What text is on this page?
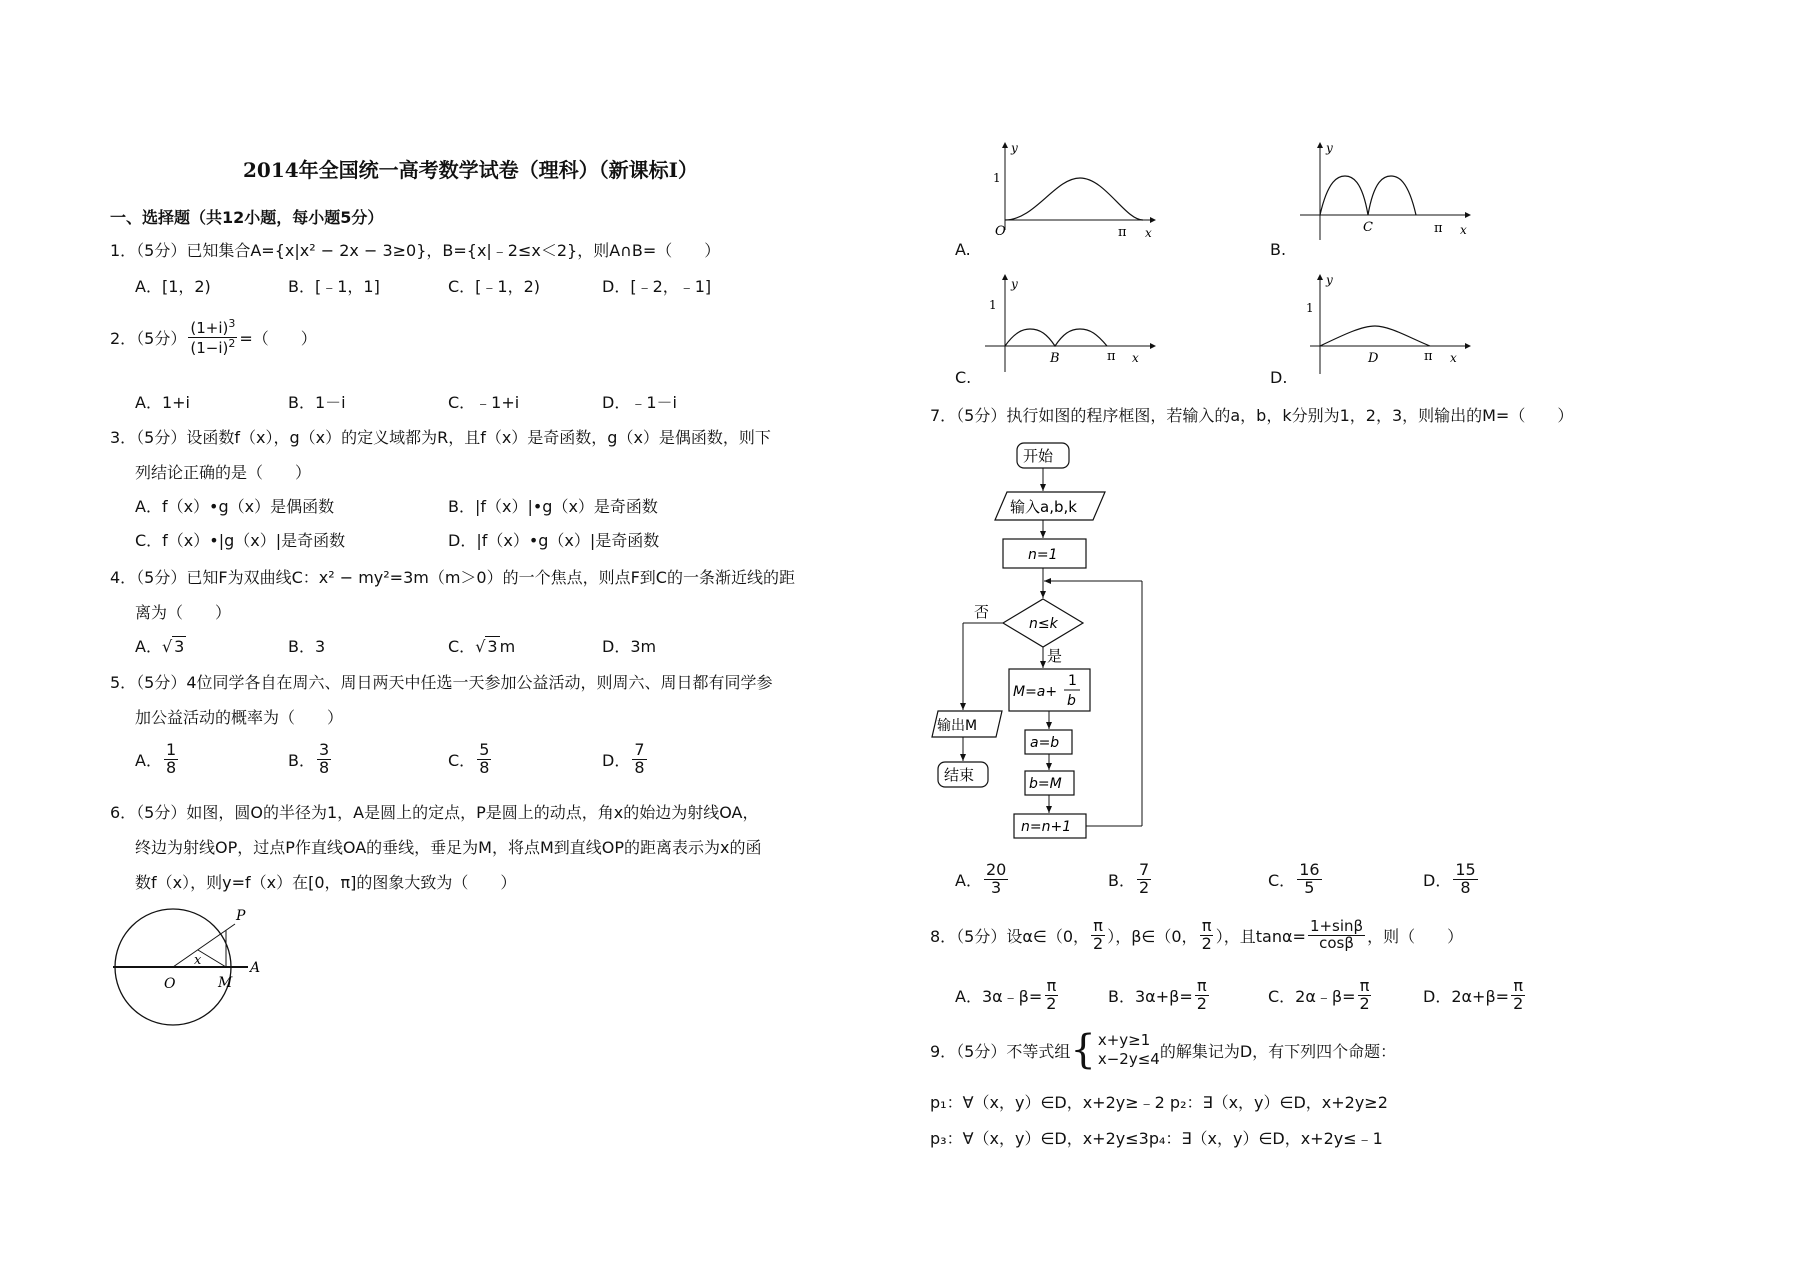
2014年全国统一高考数学试卷（理科）（新课标I）
一、选择题（共12小题，每小题5分）
1．（5分）已知集合A={x|x² − 2x − 3≥0}，B={x|﹣2≤x＜2}，则A∩B=（　　）
A．[1，2)	B．[﹣1，1]	C．[﹣1，2)	D．[﹣2，﹣1]
2．（5分） $\frac{(1+i)^3}{(1-i)^2}$ =（　　）
A．1+i	B．1－i	C．﹣1+i	D．﹣1－i
3．（5分）设函数f（x），g（x）的定义域都为R，且f（x）是奇函数，g（x）是偶函数，则下
列结论正确的是（　　）
A．f（x）•g（x）是偶函数	B．|f（x）|•g（x）是奇函数
C．f（x）•|g（x）|是奇函数	D．|f（x）•g（x）|是奇函数
4．（5分）已知F为双曲线C：x² − my²=3m（m＞0）的一个焦点，则点F到C的一条渐近线的距
离为（　　）
A．√ 3	B．3	C．√ 3 m	D．3m
5．（5分）4位同学各自在周六、周日两天中任选一天参加公益活动，则周六、周日都有同学参
加公益活动的概率为（　　）
A． $\frac{1}{8}$	B． $\frac{3}{8}$	C． $\frac{5}{8}$	D． $\frac{7}{8}$
6．（5分）如图，圆O的半径为1，A是圆上的定点，P是圆上的动点，角x的始边为射线OA，
终边为射线OP，过点P作直线OA的垂线，垂足为M，将点M到直线OP的距离表示为x的函
数f（x），则y=f（x）在[0，π]的图象大致为（　　）
P
A
O	M
x
y
1
O	π x
A.
y
C	π x
B.
y
1
B	π x
C.
y
1
D	π x
D.
7．（5分）执行如图的程序框图，若输入的a，b，k分别为1，2，3，则输出的M=（　　）
开始
输入a,b,k
n=1
n≤k
否
是
M=a+
1
b
a=b
b=M
n=n+1
输出M
结束
A． $\frac{20}{3}$	B． $\frac{7}{2}$	C． $\frac{16}{5}$	D． $\frac{15}{8}$
8．（5分）设α∈（0， $\frac{\pi}{2}$ ），β∈（0， $\frac{\pi}{2}$ ），且$\tan\alpha= \frac{1+\sin\beta}{\cos\beta}$ ，则（　　）
A．3α﹣β= $\frac{\pi}{2}$	B．$3\alpha+\beta= \frac{\pi}{2}$	C．2α﹣β= $\frac{\pi}{2}$	D．$2\alpha+\beta= \frac{\pi}{2}$
9．（5分）不等式组 { x+y≥1
x−2y≤4 的解集记为D，有下列四个命题：
p₁：∀（x，y）∈D，x+2y≥﹣2 p₂：∃（x，y）∈D，x+2y≥2
p₃：∀（x，y）∈D，x+2y≤3p₄：∃（x，y）∈D，x+2y≤﹣1
